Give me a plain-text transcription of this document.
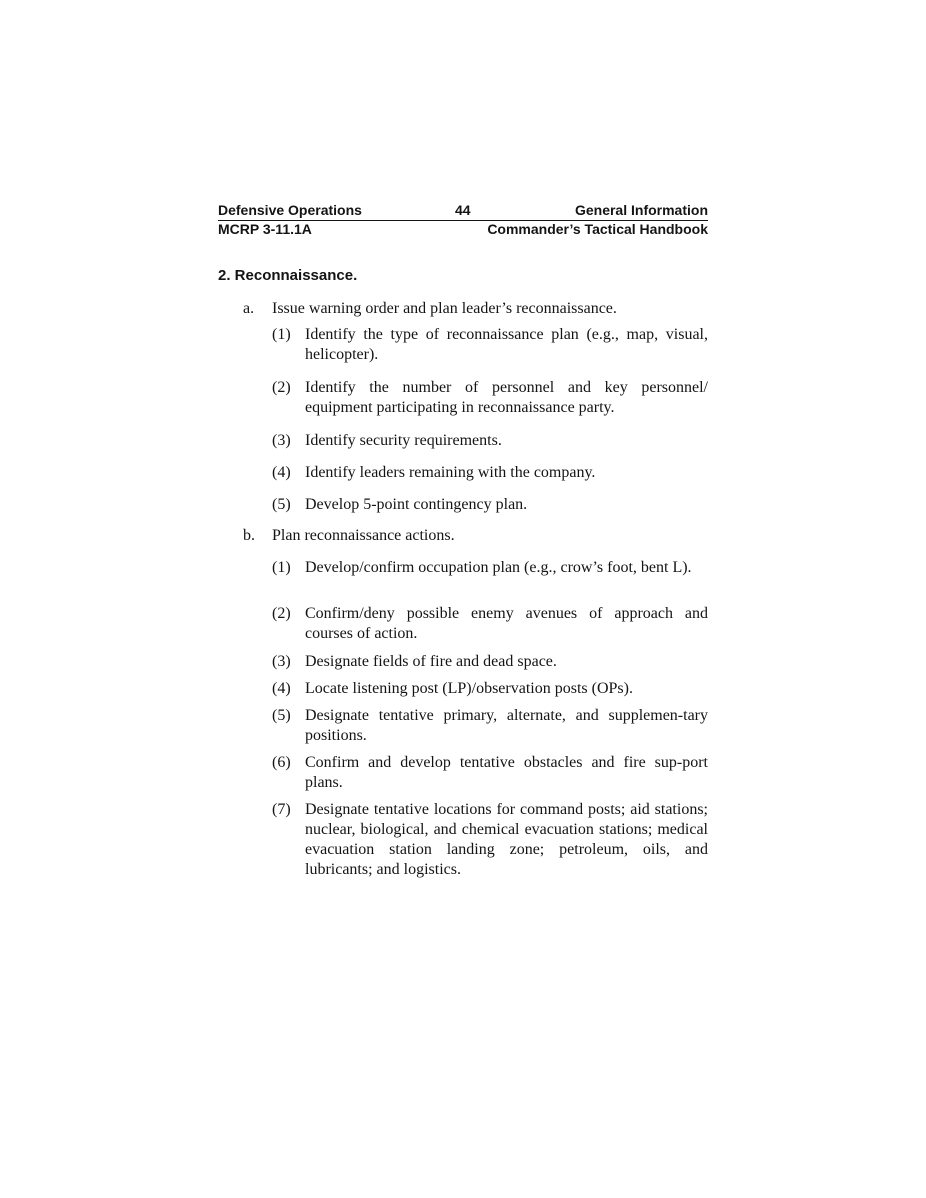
Defensive Operations	44	General Information
MCRP 3-11.1A	Commander’s Tactical Handbook
2. Reconnaissance.
a. Issue warning order and plan leader’s reconnaissance.
(1) Identify the type of reconnaissance plan (e.g., map, visual, helicopter).
(2) Identify the number of personnel and key personnel/ equipment participating in reconnaissance party.
(3) Identify security requirements.
(4) Identify leaders remaining with the company.
(5) Develop 5-point contingency plan.
b. Plan reconnaissance actions.
(1) Develop/confirm occupation plan (e.g., crow’s foot, bent L).
(2) Confirm/deny possible enemy avenues of approach and courses of action.
(3) Designate fields of fire and dead space.
(4) Locate listening post (LP)/observation posts (OPs).
(5) Designate tentative primary, alternate, and supplemen-tary positions.
(6) Confirm and develop tentative obstacles and fire sup-port plans.
(7) Designate tentative locations for command posts; aid stations; nuclear, biological, and chemical evacuation stations; medical evacuation station landing zone; petroleum, oils, and lubricants; and logistics.
